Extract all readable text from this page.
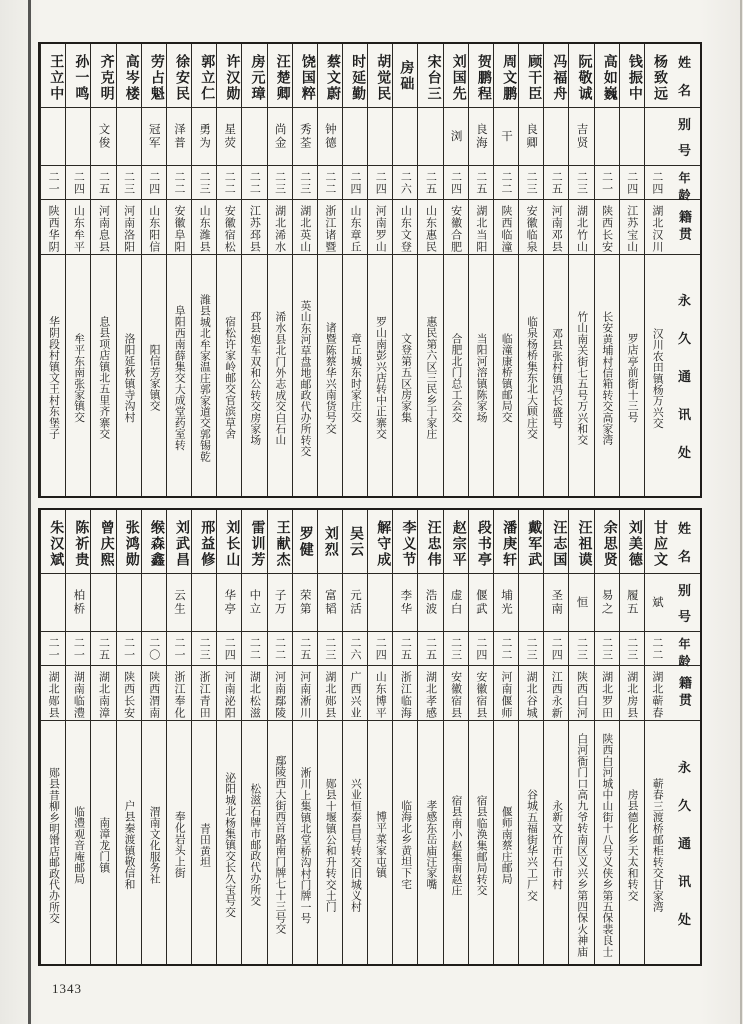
姓
名
别
号
年
龄
籍
贯
永
久
通
讯
处
杨致远
二四
湖北汉川
汉川农田镇杨万兴交
钱振中
二四
江苏宝山
罗店亭前街十三号
高如巍
二一
陕西长安
长安黄埔村信箱转交高家湾
阮敬诚
吉贤
二三
湖北竹山
竹山南关街七五号万兴和交
冯福舟
二五
河南邓县
邓县张村镇冯长盛号
顾干臣
良卿
二三
安徽临泉
临泉杨桥集东北大顾庄交
周文鹏
干
二二
陕西临潼
临潼康桥镇邮局交
贺鹏程
良海
二五
湖北当阳
当阳河溶镇陈家场
刘国先
浏
二四
安徽合肥
合肥北门总工会交
宋台三
二五
山东惠民
惠民第六区三民乡于家庄
房础
二六
山东文登
文登第五区房家集
胡觉民
二四
河南罗山
罗山南彭兴店转中正寨交
时延勤
二四
山东章丘
章丘城东时家庄交
蔡文蔚
钟德
二二
浙江诸暨
诸暨陈蔡华兴南货号交
饶国粹
秀荃
二三
湖北英山
英山东河草盘地邮政代办所转交
汪楚卿
尚金
二三
湖北浠水
浠水县北门外志成交白石山
房元璋
二二
江苏邳县
邳县炮车双和公转交房家场
许汉勋
星荧
二二
安徽宿松
宿松许家岭邮交官滨草舍
郭立仁
勇为
二三
山东潍县
潍县城北牟家温庄郭家道交郭锡乾
徐安民
泽普
二二
安徽阜阳
阜阳西南薛集交大成堂药室转
劳占魁
冠军
二四
山东阳信
阳信芳家镇交
高岑楼
二三
河南洛阳
洛阳延秋镇寺沟村
齐克明
文俊
二五
河南息县
息县项店镇北五里齐寨交
孙一鸣
二四
山东牟平
牟平东南张家镇交
王立中
二一
陕西华阴
华阴段村镇文王村东堡子
姓
名
别
号
年
龄
籍
贯
永
久
通
讯
处
甘应文
斌
二二
湖北蕲春
蕲春三渡桥邮柜转交甘家湾
刘美德
履五
二三
湖北房县
房县德化乡天太和转交
余思贤
易之
二三
湖北罗田
陕西白河城中山街十八号义侠乡第五保裴良士
汪祖谟
恒
二三
陕西白河
白河衙门口高九爷转南区义兴乡第四保火神庙
汪志国
圣南
二四
江西永新
永新文竹市石市村
戴军武
二三
湖北谷城
谷城五福街华兴工厂交
潘庚轩
埔光
二二
河南偃师
偃师南蔡庄邮局
段书亭
偃武
二四
安徽宿县
宿县临涣集邮局转交
赵宗平
虚白
二三
安徽宿县
宿县南小赵集南赵庄
汪忠伟
浩波
二五
湖北孝感
孝感东岳庙汪家嘴
李义节
李华
二五
浙江临海
临海北乡黄坦下宅
解守成
二四
山东博平
博平菜家屯镇
吴云
元活
二六
广西兴业
兴业恒泰昌号转交旧城义村
刘烈
富韬
二三
湖北郧县
郧县十堰镇公和升转交土门
罗健
荣第
二五
河南淅川
淅川上集镇北堂桥沟村门牌一号
王献杰
子万
二二
河南鄢陵
鄢陵西大街西首路南门牌七十三号交
雷训芳
中立
二二
湖北松滋
松滋石牌市邮政代办所交
刘长山
华亭
二四
河南泌阳
泌阳城北杨集镇交长久宝号交
邢益修
二三
浙江青田
青田黄坦
刘武昌
云生
二一
浙江奉化
奉化岩头上街
缑森鑫
二〇
陕西渭南
渭南文化服务社
张鸿勋
二一
陕西长安
户县秦渡镇敬信和
曾庆熙
二五
湖北南漳
南漳龙门镇
陈祈贵
柏桥
二一
湖南临澧
临澧观音庵邮局
朱汉斌
二一
湖北郧县
郧县昔柳乡明馉店邮政代办所交
1343
